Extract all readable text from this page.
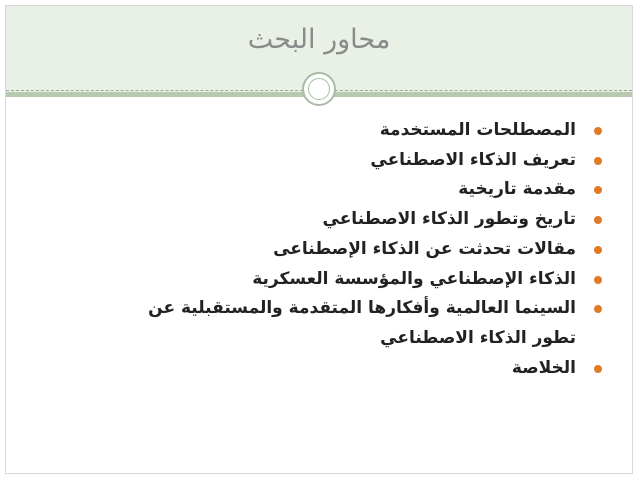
محاور البحث
المصطلحات المستخدمة
تعريف الذكاء الاصطناعي
مقدمة تاريخية
تاريخ وتطور الذكاء الاصطناعي
مقالات تحدثت عن الذكاء الإصطناعى
الذكاء الإصطناعي والمؤسسة العسكرية
السينما العالمية وأفكارها المتقدمة والمستقبلية عن تطور الذكاء الاصطناعي
الخلاصة
